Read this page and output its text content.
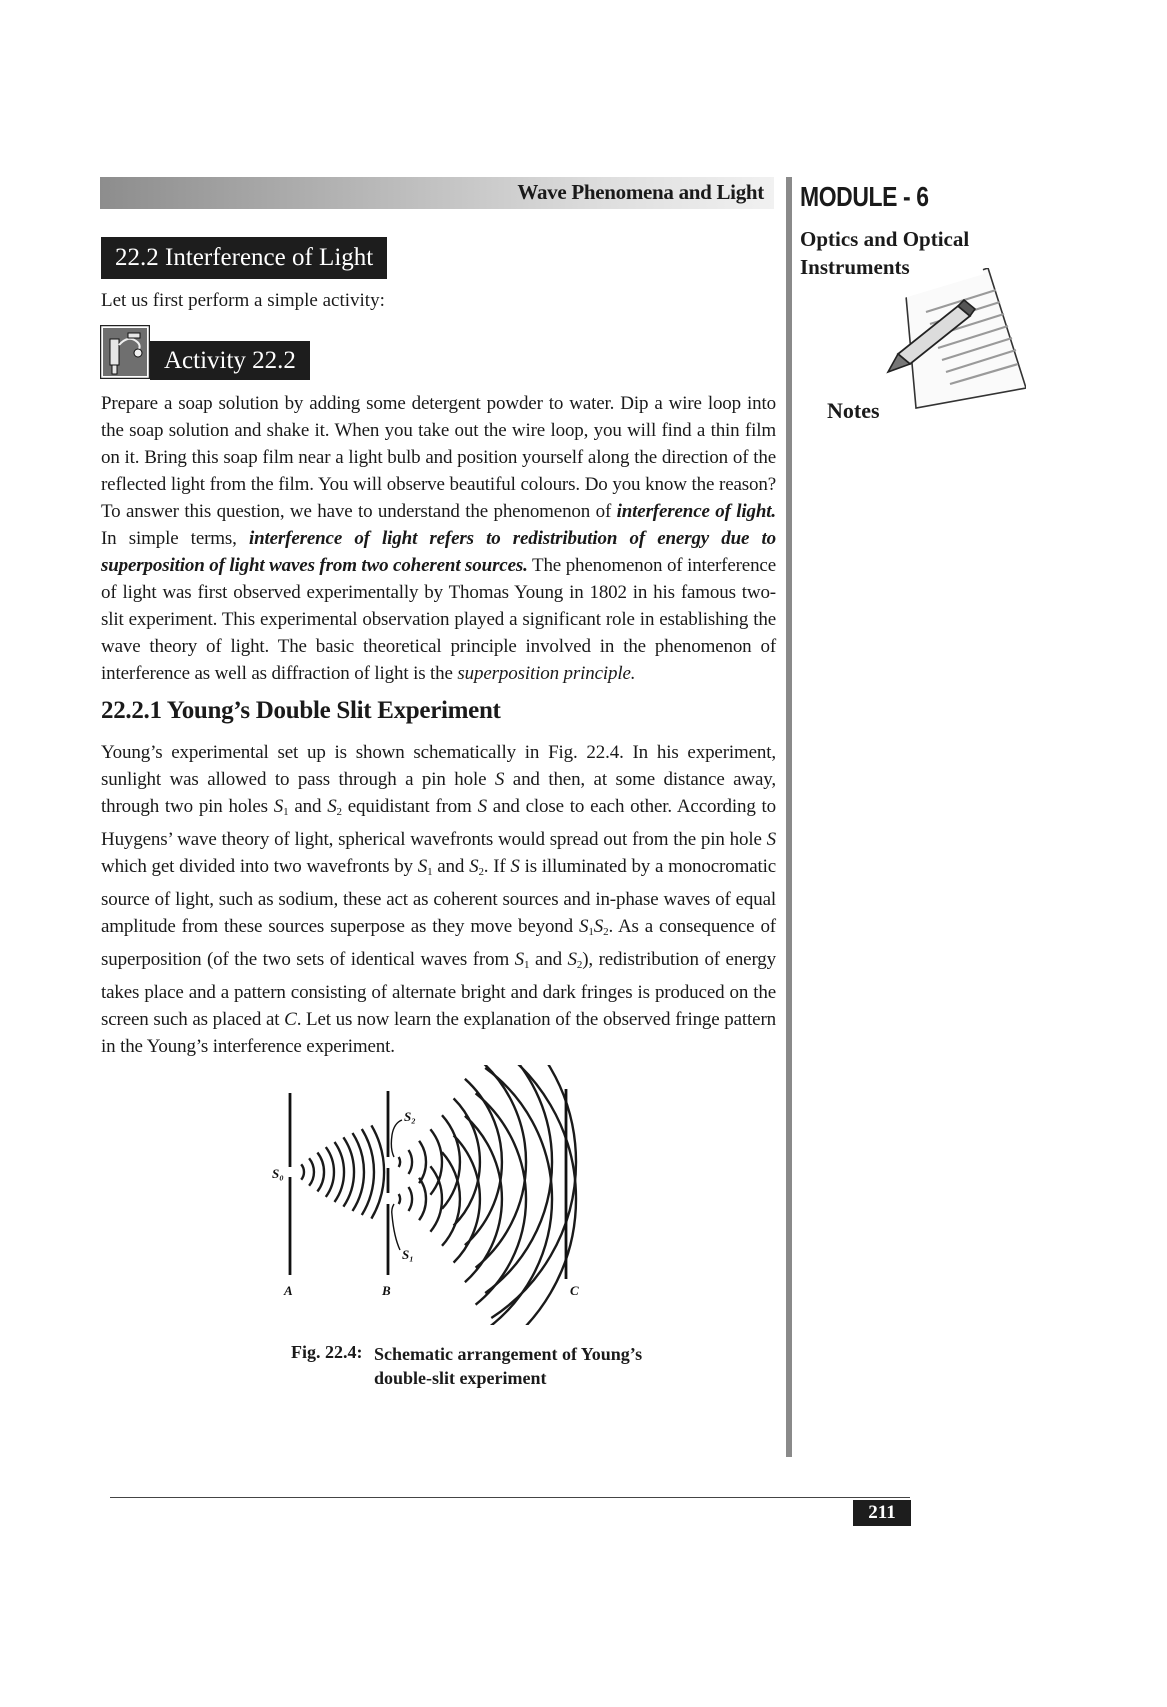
Wave Phenomena and Light MODULE - 6
Optics and Optical Instruments
Notes
22.2 Interference of Light
Let us first perform a simple activity:
Activity 22.2
Prepare a soap solution by adding some detergent powder to water. Dip a wire loop into the soap solution and shake it. When you take out the wire loop, you will find a thin film on it. Bring this soap film near a light bulb and position yourself along the direction of the reflected light from the film. You will observe beautiful colours. Do you know the reason? To answer this question, we have to understand the phenomenon of interference of light. In simple terms, interference of light refers to redistribution of energy due to superposition of light waves from two coherent sources. The phenomenon of interference of light was first observed experimentally by Thomas Young in 1802 in his famous two-slit experiment. This experimental observation played a significant role in establishing the wave theory of light. The basic theoretical principle involved in the phenomenon of interference as well as diffraction of light is the superposition principle.
22.2.1 Young’s Double Slit Experiment
Young’s experimental set up is shown schematically in Fig. 22.4. In his experiment, sunlight was allowed to pass through a pin hole S and then, at some distance away, through two pin holes $S_1$ and $S_2$ equidistant from S and close to each other. According to Huygens’ wave theory of light, spherical wavefronts would spread out from the pin hole S which get divided into two wavefronts by $S_1$ and $S_2$. If S is illuminated by a monocromatic source of light, such as sodium, these act as coherent sources and in-phase waves of equal amplitude from these sources superpose as they move beyond $S_1S_2$. As a consequence of superposition (of the two sets of identical waves from $S_1$ and $S_2$), redistribution of energy takes place and a pattern consisting of alternate bright and dark fringes is produced on the screen such as placed at C. Let us now learn the explanation of the observed fringe pattern in the Young’s interference experiment.
S₀
S₂
S₁
A	B	C
Fig. 22.4: Schematic arrangement of Young’s double-slit experiment
211
